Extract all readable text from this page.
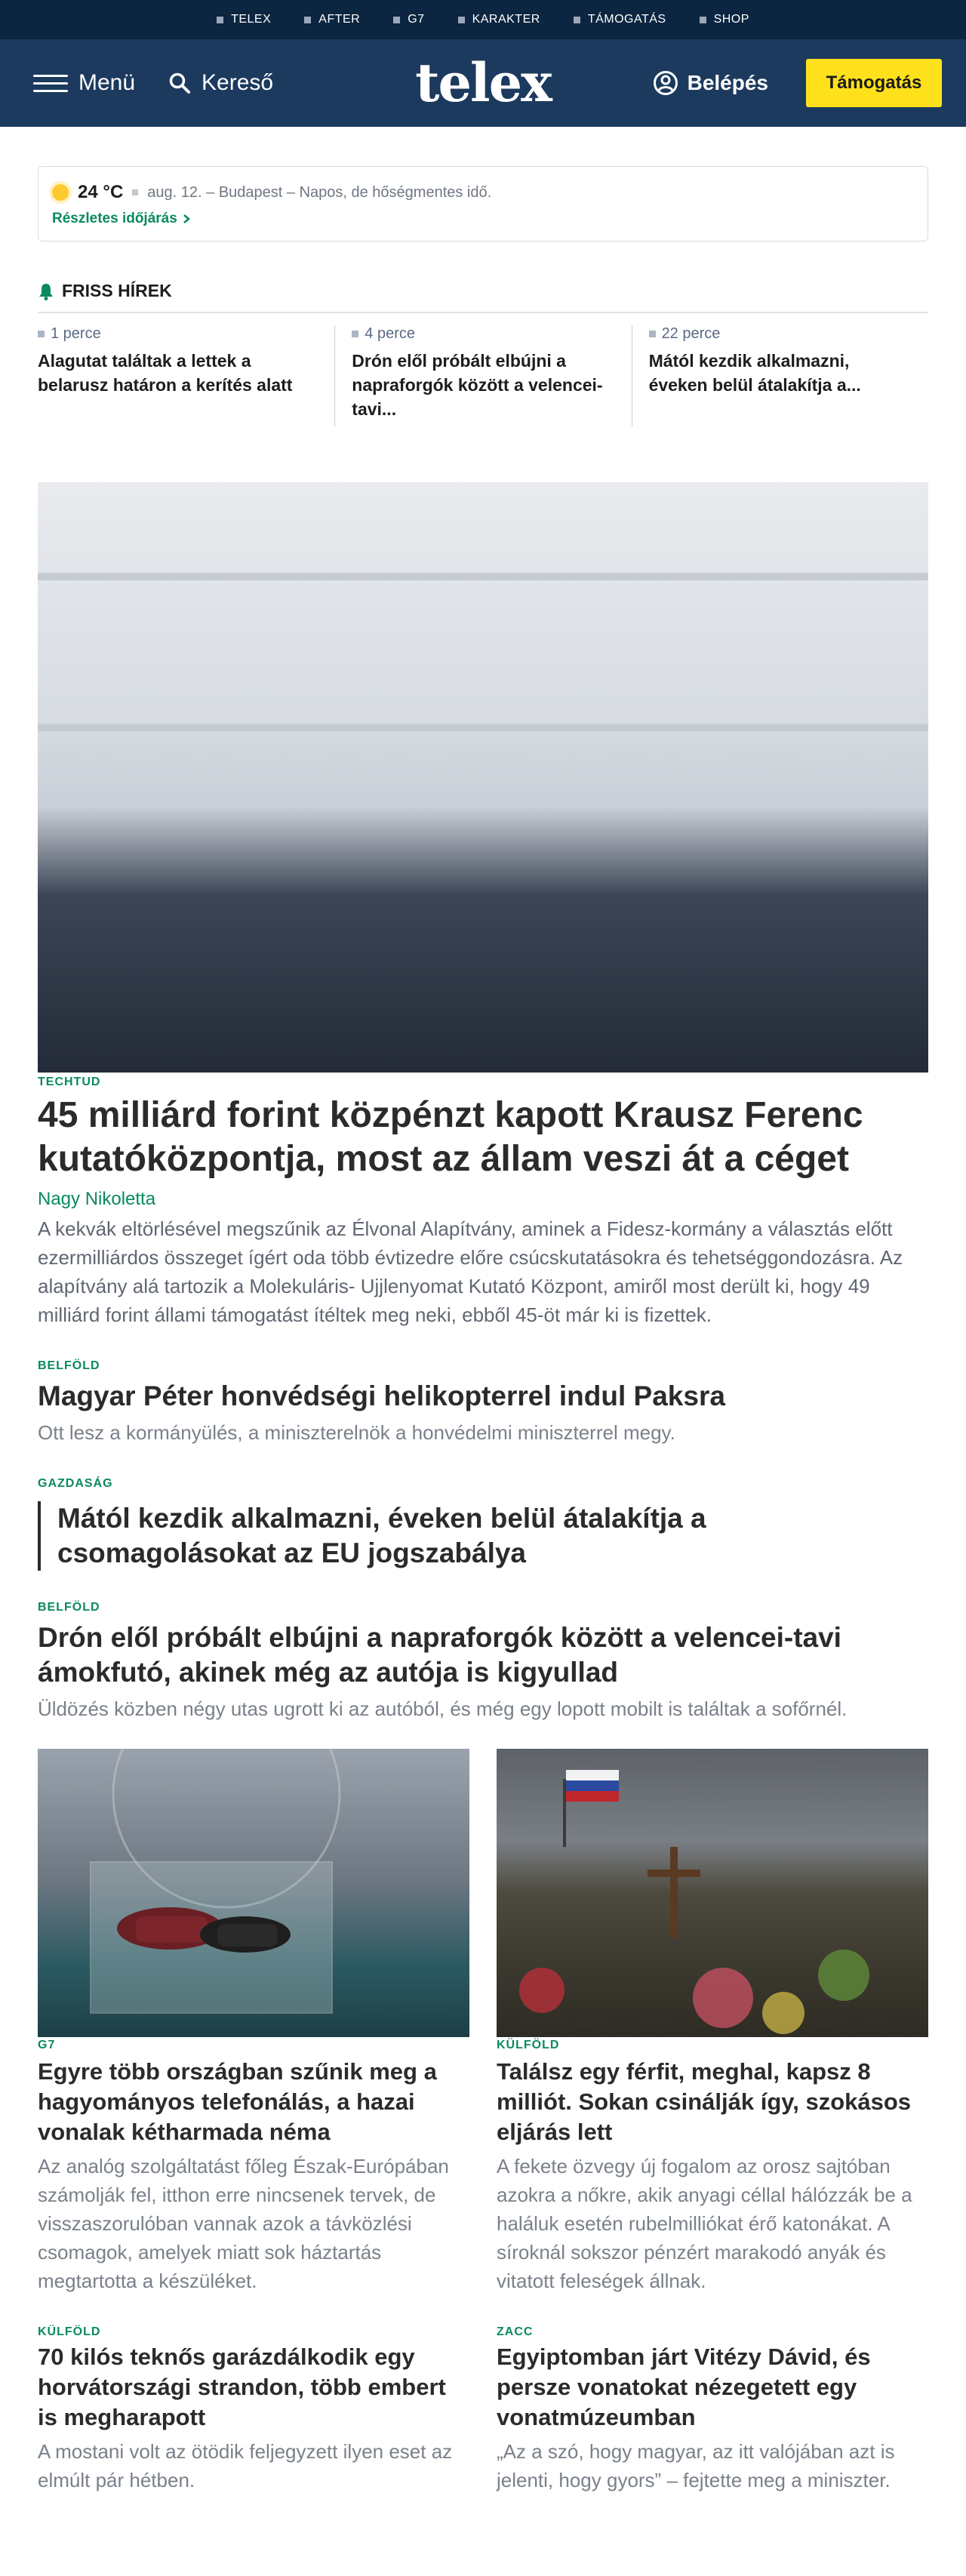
TELEX	AFTER	G7	KARAKTER	TÁMOGATÁS	SHOP
Menü	Kereső	telex	Belépés	Támogatás
24 °C aug. 12. – Budapest – Napos, de hőségmentes idő.
Részletes időjárás
FRISS HÍREK
1 perce
Alagutat találtak a lettek a belarusz határon a kerítés alatt
4 perce
Drón elől próbált elbújni a napraforgók között a velencei-tavi...
22 perce
Mától kezdik alkalmazni, éveken belül átalakítja a...
TECHTUD
45 milliárd forint közpénzt kapott Krausz Ferenc kutatóközpontja, most az állam veszi át a céget
Nagy Nikoletta

A kekvák eltörlésével megszűnik az Élvonal Alapítvány, aminek a Fidesz-kormány a választás előtt ezermilliárdos összeget ígért oda több évtizedre előre csúcskutatásokra és tehetséggondozásra. Az alapítvány alá tartozik a Molekuláris- Ujjlenyomat Kutató Központ, amiről most derült ki, hogy 49 milliárd forint állami támogatást ítéltek meg neki, ebből 45-öt már ki is fizettek.

BELFÖLD
Magyar Péter honvédségi helikopterrel indul Paksra

Ott lesz a kormányülés, a miniszterelnök a honvédelmi miniszterrel megy.

GAZDASÁG
Mától kezdik alkalmazni, éveken belül átalakítja a csomagolásokat az EU jogszabálya
BELFÖLD
Drón elől próbált elbújni a napraforgók között a velencei-tavi ámokfutó, akinek még az autója is kigyullad

Üldözés közben négy utas ugrott ki az autóból, és még egy lopott mobilt is találtak a sofőrnél.

G7
Egyre több országban szűnik meg a hagyományos telefonálás, a hazai vonalak kétharmada néma

Az analóg szolgáltatást főleg Észak-Európában számolják fel, itthon erre nincsenek tervek, de visszaszorulóban vannak azok a távközlési csomagok, amelyek miatt sok háztartás megtartotta a készüléket.

KÜLFÖLD
70 kilós teknős garázdálkodik egy horvátországi strandon, több embert is megharapott

A mostani volt az ötödik feljegyzett ilyen eset az elmúlt pár hétben.

KÜLFÖLD
Találsz egy férfit, meghal, kapsz 8 milliót. Sokan csinálják így, szokásos eljárás lett

A fekete özvegy új fogalom az orosz sajtóban azokra a nőkre, akik anyagi céllal hálózzák be a haláluk esetén rubelmilliókat érő katonákat. A síroknál sokszor pénzért marakodó anyák és vitatott feleségek állnak.

ZACC
Egyiptomban járt Vitézy Dávid, és persze vonatokat nézegetett egy vonatmúzeumban

„Az a szó, hogy magyar, az itt valójában azt is jelenti, hogy gyors” – fejtette meg a miniszter.
